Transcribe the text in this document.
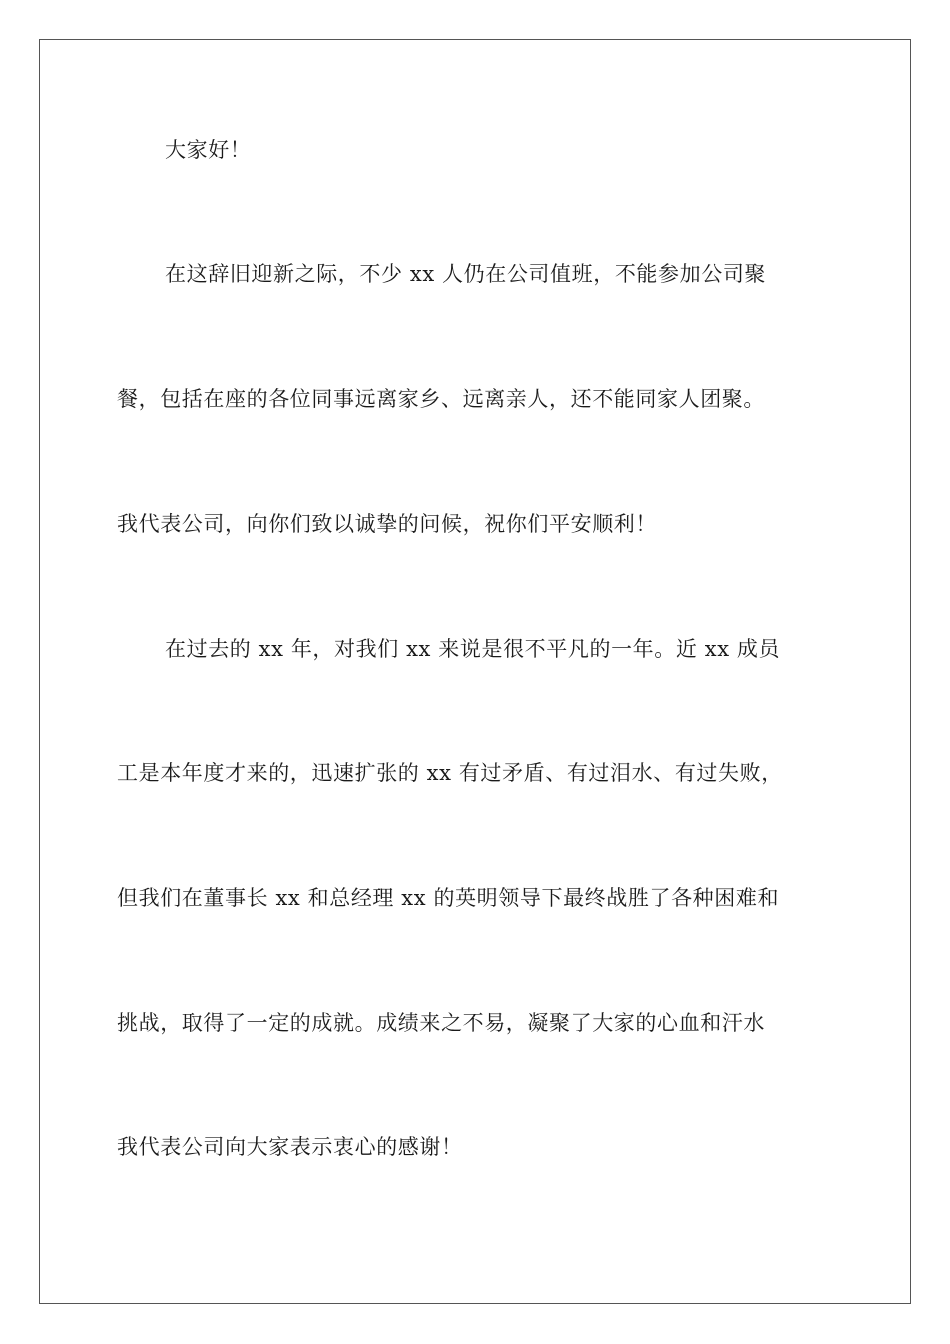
大家好！
在这辞旧迎新之际，不少 xx 人仍在公司值班，不能参加公司聚
餐，包括在座的各位同事远离家乡、远离亲人，还不能同家人团聚。
我代表公司，向你们致以诚挚的问候，祝你们平安顺利！
在过去的 xx 年，对我们 xx 来说是很不平凡的一年。近 xx 成员
工是本年度才来的，迅速扩张的 xx 有过矛盾、有过泪水、有过失败，
但我们在董事长 xx 和总经理 xx 的英明领导下最终战胜了各种困难和
挑战，取得了一定的成就。成绩来之不易，凝聚了大家的心血和汗水
我代表公司向大家表示衷心的感谢！
